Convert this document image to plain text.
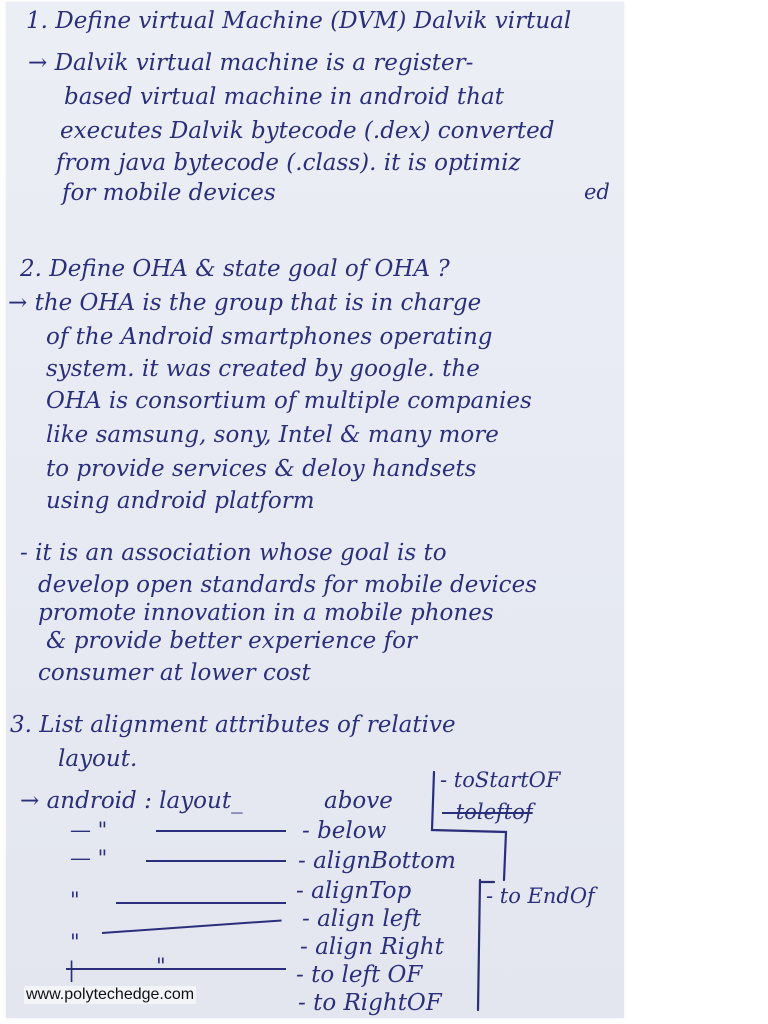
1. Define virtual Machine (DVM) Dalvik virtual
→ Dalvik virtual machine is a register-
based virtual machine in android that
executes Dalvik bytecode (.dex) converted
from java bytecode (.class). it is optimiz
for mobile devices	ed
2. Define OHA & state goal of OHA ?
→ the OHA is the group that is in charge
of the Android smartphones operating
system. it was created by google. the
OHA is consortium of multiple companies
like samsung, sony, Intel & many more
to provide services & deloy handsets
using android platform
- it is an association whose goal is to
develop open standards for mobile devices
promote innovation in a mobile phones
& provide better experience for
consumer at lower cost
3. List alignment attributes of relative
layout.
→ android : layout_	above
- below
- alignBottom
- alignTop
- align left
- align Right
- to left OF
- to RightOF
— "
— "
"
"
|	"
- toStartOF
- toleftof
- to EndOf
www.polytechedge.com
